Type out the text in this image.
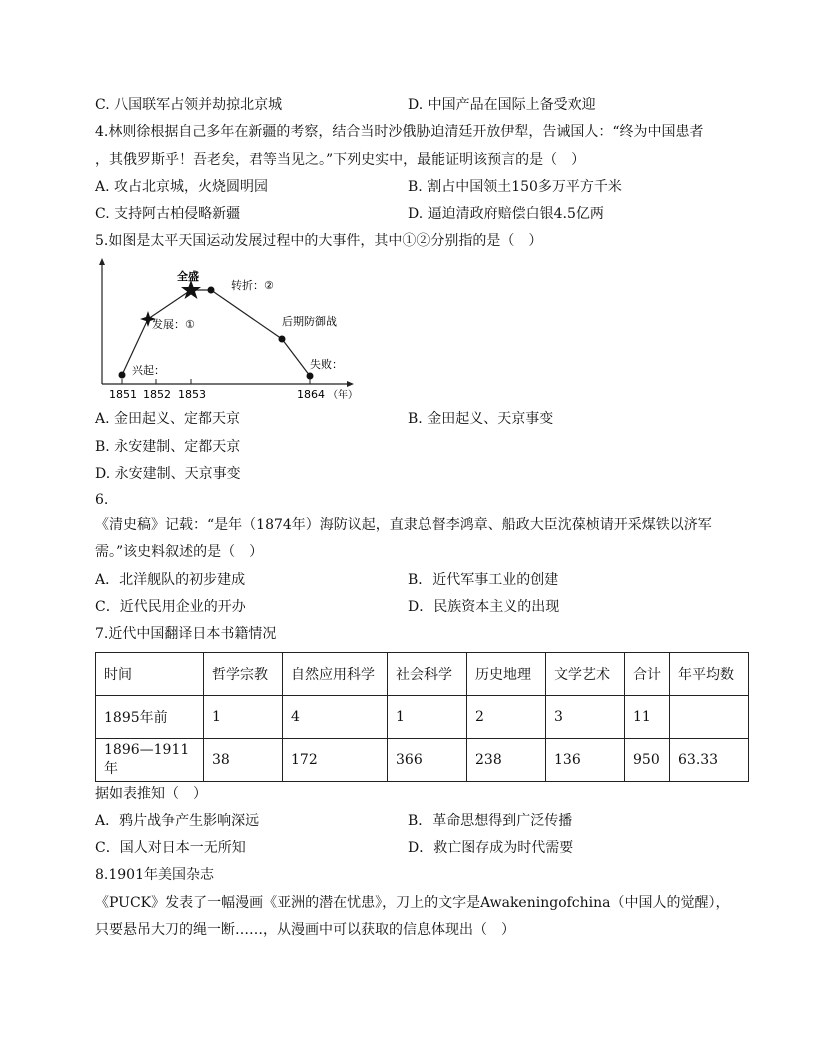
C. 八国联军占领并劫掠北京城	D. 中国产品在国际上备受欢迎
4.林则徐根据自己多年在新疆的考察，结合当时沙俄胁迫清廷开放伊犁，告诫国人：“终为中国患者
，其俄罗斯乎！吾老矣，君等当见之。”下列史实中，最能证明该预言的是（　）
A. 攻占北京城，火烧圆明园	B. 割占中国领土150多万平方千米
C. 支持阿古柏侵略新疆	D. 逼迫清政府赔偿白银4.5亿两
5.如图是太平天国运动发展过程中的大事件，其中①②分别指的是（　）
兴起：
发展：①
全盛
转折：②
后期防御战
失败：
1851 1852 1853	1864 （年）
A. 金田起义、定都天京	B. 金田起义、天京事变
B. 永安建制、定都天京
D. 永安建制、天京事变
6.
《清史稿》记载：“是年（1874年）海防议起，直隶总督李鸿章、船政大臣沈葆桢请开采煤铁以济军
需。”该史料叙述的是（　）
A．北洋舰队的初步建成	B．近代军事工业的创建
C．近代民用企业的开办	D．民族资本主义的出现
7.近代中国翻译日本书籍情况
时间	哲学宗教	自然应用科学	社会科学	历史地理	文学艺术	合计	年平均数
1895年前	1	4	1	2	3	11	
1896—1911年	38	172	366	238	136	950	63.33
据如表推知（　）
A．鸦片战争产生影响深远	B．革命思想得到广泛传播
C．国人对日本一无所知	D．救亡图存成为时代需要
8.1901年美国杂志
《PUCK》发表了一幅漫画《亚洲的潜在忧患》，刀上的文字是Awakeningofchina（中国人的觉醒），
只要悬吊大刀的绳一断……，从漫画中可以获取的信息体现出（　）
